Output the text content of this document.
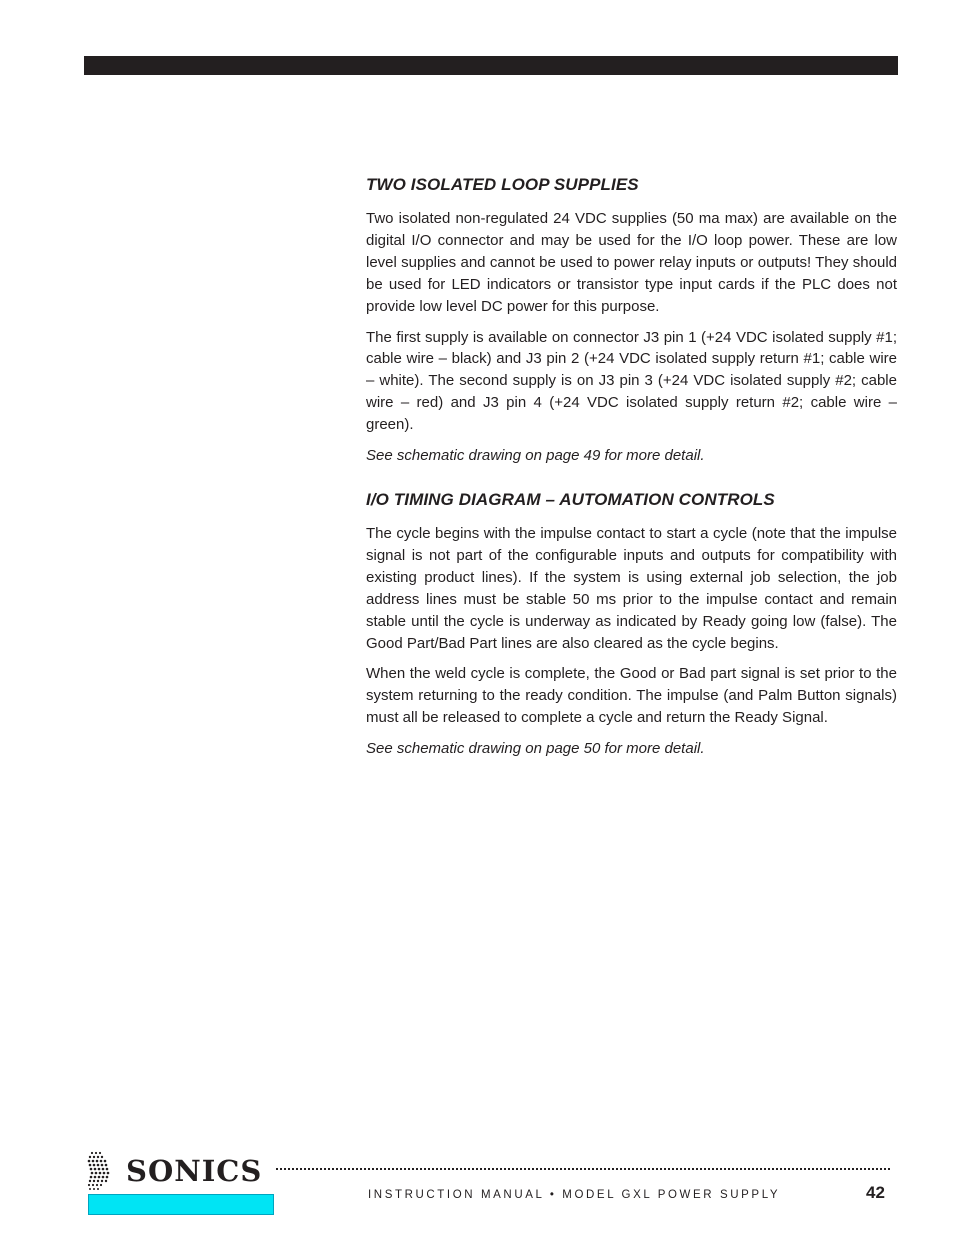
TWO ISOLATED LOOP SUPPLIES

Two isolated non-regulated 24 VDC supplies (50 ma max) are available on the digital I/O connector and may be used for the I/O loop power. These are low level supplies and cannot be used to power relay inputs or outputs! They should be used for LED indicators or transistor type input cards if the PLC does not provide low level DC power for this purpose.

The first supply is available on connector J3 pin 1 (+24 VDC isolated supply #1; cable wire – black) and J3 pin 2 (+24 VDC isolated supply return #1; cable wire – white). The second supply is on J3 pin 3 (+24 VDC isolated supply #2; cable wire – red) and J3 pin 4 (+24 VDC isolated supply return #2; cable wire – green).

See schematic drawing on page 49 for more detail.

I/O TIMING DIAGRAM – AUTOMATION CONTROLS

The cycle begins with the impulse contact to start a cycle (note that the impulse signal is not part of the configurable inputs and outputs for compatibility with existing product lines). If the system is using external job selection, the job address lines must be stable 50 ms prior to the impulse contact and remain stable until the cycle is underway as indicated by Ready going low (false). The Good Part/Bad Part lines are also cleared as the cycle begins.

When the weld cycle is complete, the Good or Bad part signal is set prior to the system returning to the ready condition. The impulse (and Palm Button signals) must all be released to complete a cycle and return the Ready Signal.

See schematic drawing on page 50 for more detail.

SONICS
INSTRUCTION MANUAL • MODEL GXL POWER SUPPLY	42
